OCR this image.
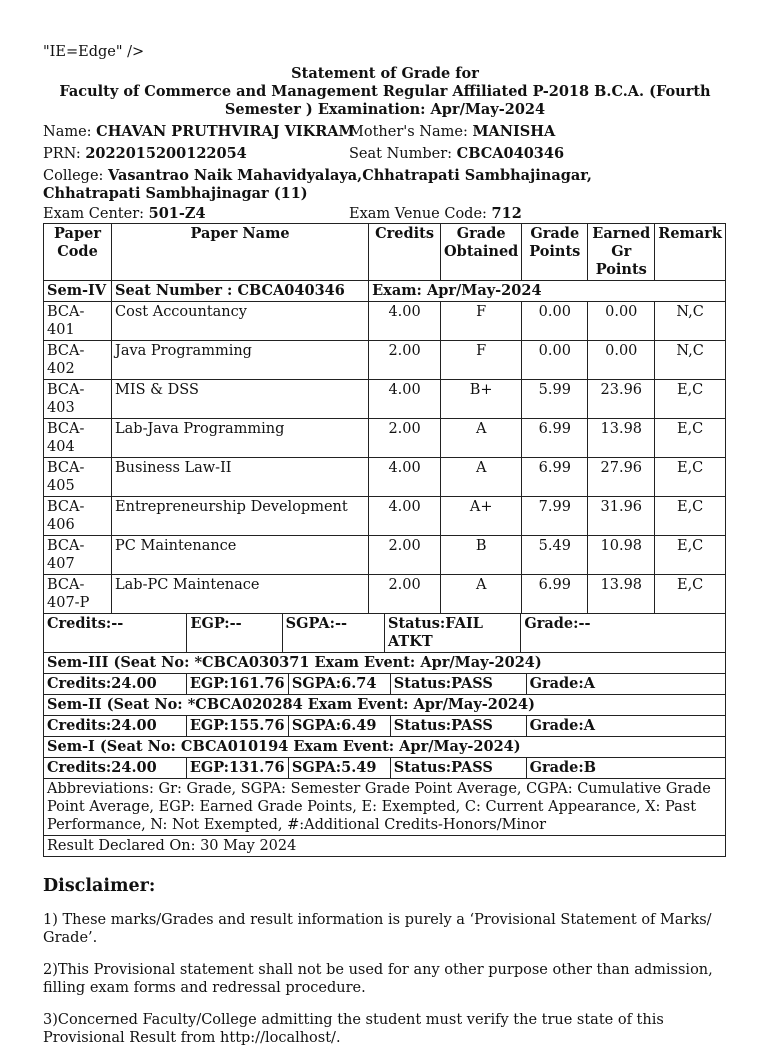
"IE=Edge" />
Statement of Grade for
Faculty of Commerce and Management Regular Affiliated P-2018 B.C.A. (Fourth
Semester ) Examination: Apr/May-2024
Name: CHAVAN PRUTHVIRAJ VIKRAM
Mother's Name: MANISHA
PRN: 2022015200122054	Seat Number: CBCA040346
College: Vasantrao Naik Mahavidyalaya,Chhatrapati Sambhajinagar,
Chhatrapati Sambhajinagar (11)
Exam Center: 501-Z4	Exam Venue Code: 712
Paper Code	Paper Name	Credits	Grade Obtained	Grade Points	Earned Gr Points	Remark
Sem-IV	Seat Number : CBCA040346	Exam: Apr/May-2024				
BCA-401	Cost Accountancy	4.00	F	0.00	0.00	N,C
BCA-402	Java Programming	2.00	F	0.00	0.00	N,C
BCA-403	MIS & DSS	4.00	B+	5.99	23.96	E,C
BCA-404	Lab-Java Programming	2.00	A	6.99	13.98	E,C
BCA-405	Business Law-II	4.00	A	6.99	27.96	E,C
BCA-406	Entrepreneurship Development	4.00	A+	7.99	31.96	E,C
BCA-407	PC Maintenance	2.00	B	5.49	10.98	E,C
BCA-407-P	Lab-PC Maintenace	2.00	A	6.99	13.98	E,C
Credits:--	EGP:--	SGPA:--	Status:FAIL ATKT	Grade:--
Sem-III (Seat No: *CBCA030371 Exam Event: Apr/May-2024)				
Credits:24.00	EGP:161.76	SGPA:6.74	Status:PASS	Grade:A
Sem-II (Seat No: *CBCA020284 Exam Event: Apr/May-2024)				
Credits:24.00	EGP:155.76	SGPA:6.49	Status:PASS	Grade:A
Sem-I (Seat No: CBCA010194 Exam Event: Apr/May-2024)				
Credits:24.00	EGP:131.76	SGPA:5.49	Status:PASS	Grade:B
Abbreviations: Gr: Grade, SGPA: Semester Grade Point Average, CGPA: Cumulative Grade Point Average, EGP: Earned Grade Points, E: Exempted, C: Current Appearance, X: Past Performance, N: Not Exempted, #:Additional Credits-Honors/Minor				
Result Declared On: 30 May 2024				
Disclaimer:

1) These marks/Grades and result information is purely a ‘Provisional Statement of Marks/ Grade’.

2)This Provisional statement shall not be used for any other purpose other than admission, filling exam forms and redressal procedure.

3)Concerned Faculty/College admitting the student must verify the true state of this Provisional Result from http://localhost/.
